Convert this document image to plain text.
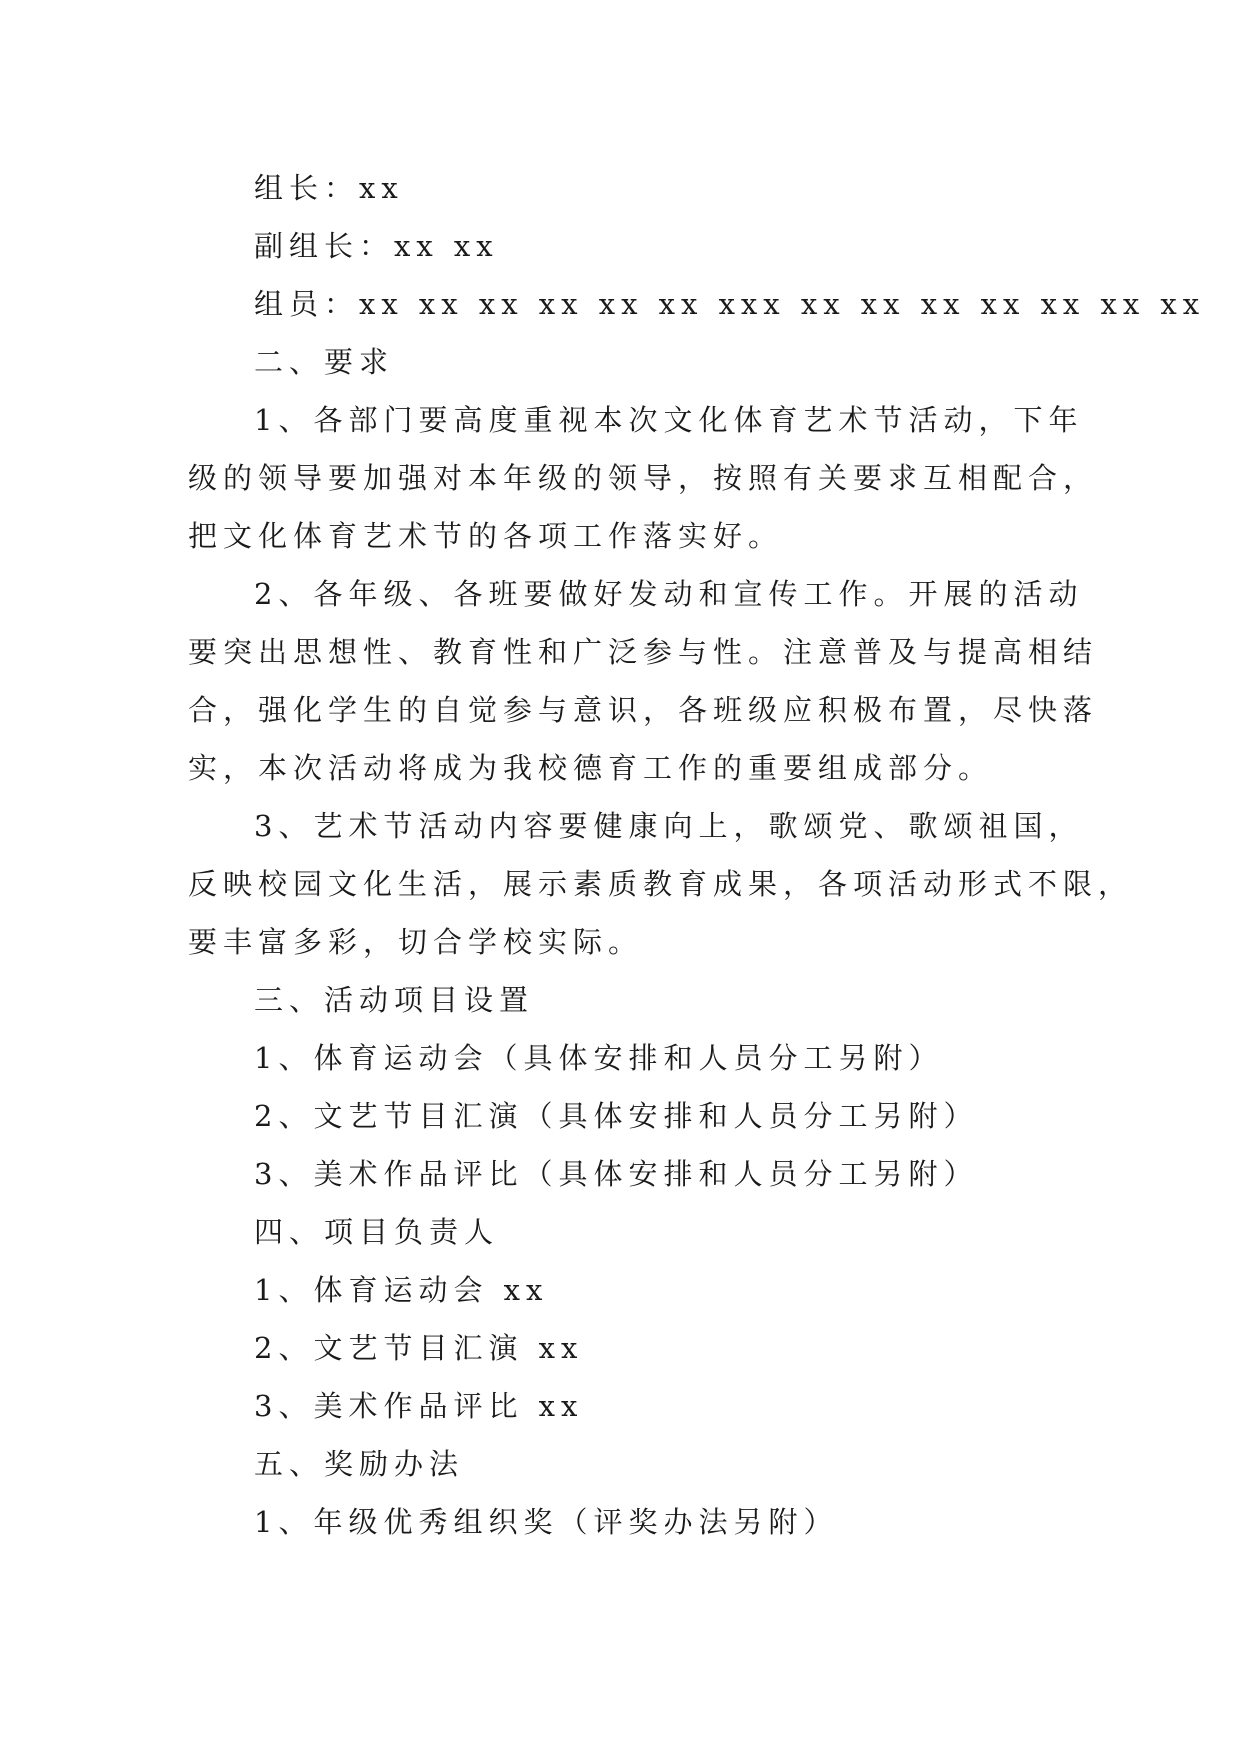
组长：xx
副组长：xx xx
组员：xx xx xx xx xx xx xxx xx xx xx xx xx xx xx
二、要求
1、各部门要高度重视本次文化体育艺术节活动，下年
级的领导要加强对本年级的领导，按照有关要求互相配合，
把文化体育艺术节的各项工作落实好。
2、各年级、各班要做好发动和宣传工作。开展的活动
要突出思想性、教育性和广泛参与性。注意普及与提高相结
合，强化学生的自觉参与意识，各班级应积极布置，尽快落
实，本次活动将成为我校德育工作的重要组成部分。
3、艺术节活动内容要健康向上，歌颂党、歌颂祖国，
反映校园文化生活，展示素质教育成果，各项活动形式不限，
要丰富多彩，切合学校实际。
三、活动项目设置
1、体育运动会（具体安排和人员分工另附）
2、文艺节目汇演（具体安排和人员分工另附）
3、美术作品评比（具体安排和人员分工另附）
四、项目负责人
1、体育运动会 xx
2、文艺节目汇演 xx
3、美术作品评比 xx
五、奖励办法
1、年级优秀组织奖（评奖办法另附）
